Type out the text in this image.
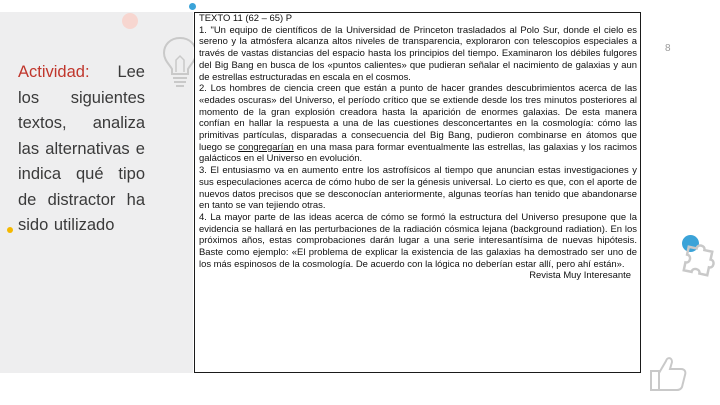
Actividad: Lee los siguientes textos, analiza las alternativas e indica qué tipo de distractor ha sido utilizado

TEXTO 11 (62 – 65) P

1. "Un equipo de científicos de la Universidad de Princeton trasladados al Polo Sur, donde el cielo es sereno y la atmósfera alcanza altos niveles de transparencia, exploraron con telescopios especiales a través de vastas distancias del espacio hasta los principios del tiempo. Examinaron los débiles fulgores del Big Bang en busca de los «puntos calientes» que pudieran señalar el nacimiento de galaxias y aun de estrellas estructuradas en escala en el cosmos.

2. Los hombres de ciencia creen que están a punto de hacer grandes descubrimientos acerca de las «edades oscuras» del Universo, el período crítico que se extiende desde los tres minutos posteriores al momento de la gran explosión creadora hasta la aparición de enormes galaxias. De esta manera confían en hallar la respuesta a una de las cuestiones desconcertantes en la cosmología: cómo las primitivas partículas, disparadas a consecuencia del Big Bang, pudieron combinarse en átomos que luego se congregarían en una masa para formar eventualmente las estrellas, las galaxias y los racimos galácticos en el Universo en evolución.

3. El entusiasmo va en aumento entre los astrofísicos al tiempo que anuncian estas investigaciones y sus especulaciones acerca de cómo hubo de ser la génesis universal. Lo cierto es que, con el aporte de nuevos datos precisos que se desconocían anteriormente, algunas teorías han tenido que abandonarse en tanto se van tejiendo otras.

4. La mayor parte de las ideas acerca de cómo se formó la estructura del Universo presupone que la evidencia se hallará en las perturbaciones de la radiación cósmica lejana (background radiation). En los próximos años, estas comprobaciones darán lugar a una serie interesantísima de nuevas hipótesis. Baste como ejemplo: «El problema de explicar la existencia de las galaxias ha demostrado ser uno de los más espinosos de la cosmología. De acuerdo con la lógica no deberían estar allí, pero ahí están».

Revista Muy Interesante

8
